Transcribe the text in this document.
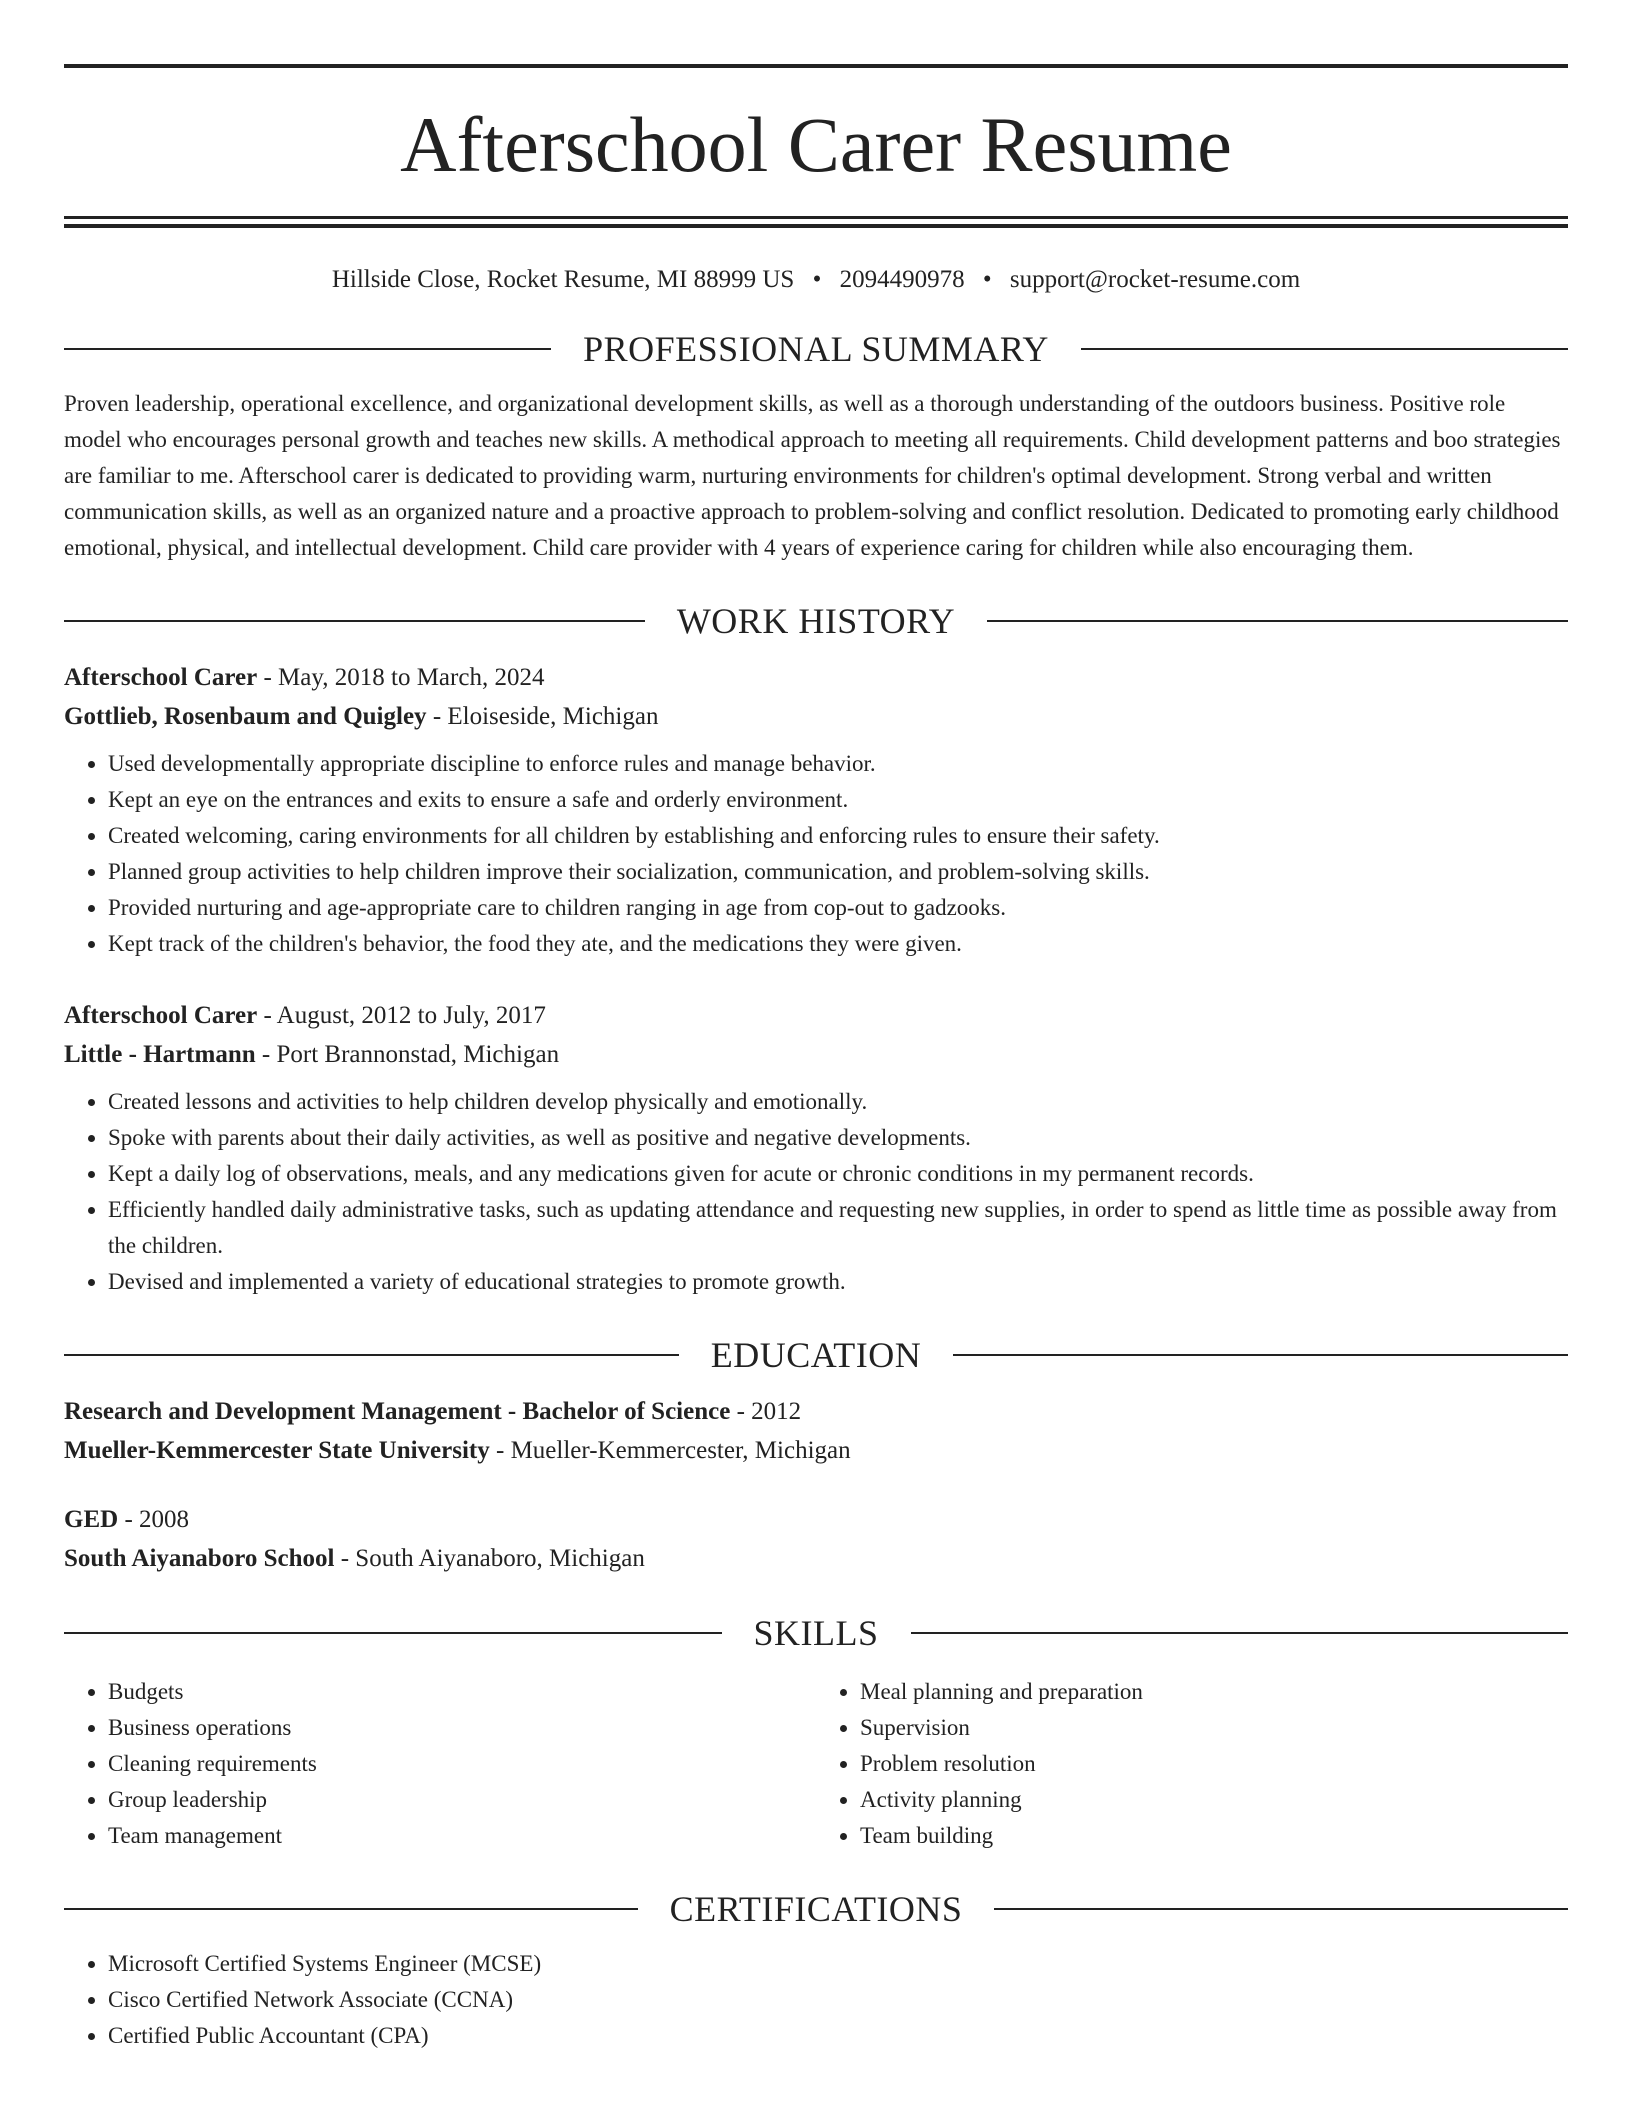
Afterschool Carer Resume
Hillside Close, Rocket Resume, MI 88999 US • 2094490978 • support@rocket-resume.com
PROFESSIONAL SUMMARY

Proven leadership, operational excellence, and organizational development skills, as well as a thorough understanding of the outdoors business. Positive role model who encourages personal growth and teaches new skills. A methodical approach to meeting all requirements. Child development patterns and boo strategies are familiar to me. Afterschool carer is dedicated to providing warm, nurturing environments for children's optimal development. Strong verbal and written communication skills, as well as an organized nature and a proactive approach to problem-solving and conflict resolution. Dedicated to promoting early childhood emotional, physical, and intellectual development. Child care provider with 4 years of experience caring for children while also encouraging them.

WORK HISTORY
Afterschool Carer - May, 2018 to March, 2024
Gottlieb, Rosenbaum and Quigley - Eloiseside, Michigan
• Used developmentally appropriate discipline to enforce rules and manage behavior.
• Kept an eye on the entrances and exits to ensure a safe and orderly environment.
• Created welcoming, caring environments for all children by establishing and enforcing rules to ensure their safety.
• Planned group activities to help children improve their socialization, communication, and problem-solving skills.
• Provided nurturing and age-appropriate care to children ranging in age from cop-out to gadzooks.
• Kept track of the children's behavior, the food they ate, and the medications they were given.
Afterschool Carer - August, 2012 to July, 2017
Little - Hartmann - Port Brannonstad, Michigan
• Created lessons and activities to help children develop physically and emotionally.
• Spoke with parents about their daily activities, as well as positive and negative developments.
• Kept a daily log of observations, meals, and any medications given for acute or chronic conditions in my permanent records.
• Efficiently handled daily administrative tasks, such as updating attendance and requesting new supplies, in order to spend as little time as possible away from the children.
• Devised and implemented a variety of educational strategies to promote growth.
EDUCATION
Research and Development Management - Bachelor of Science - 2012
Mueller-Kemmercester State University - Mueller-Kemmercester, Michigan
GED - 2008
South Aiyanaboro School - South Aiyanaboro, Michigan
SKILLS
• Budgets
• Business operations
• Cleaning requirements
• Group leadership
• Team management
• Meal planning and preparation
• Supervision
• Problem resolution
• Activity planning
• Team building
CERTIFICATIONS
• Microsoft Certified Systems Engineer (MCSE)
• Cisco Certified Network Associate (CCNA)
• Certified Public Accountant (CPA)
